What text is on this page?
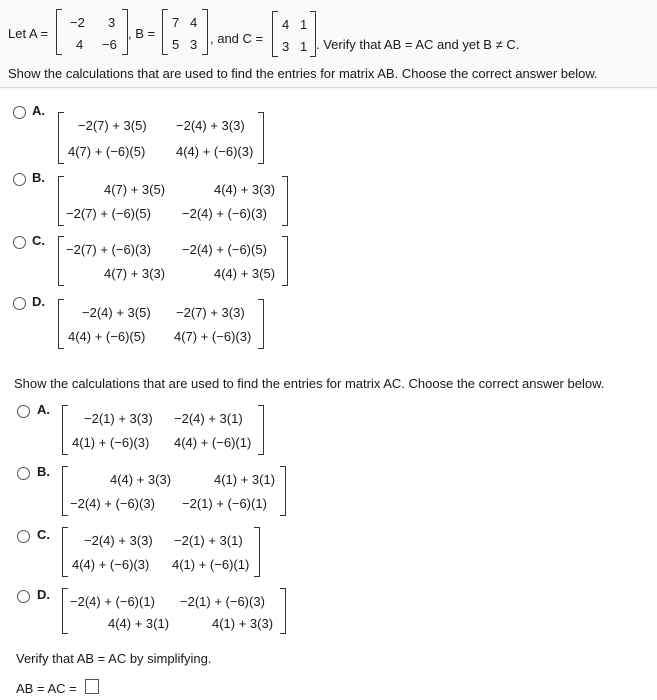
Let A =
−2 3
4 −6
, B =
7 4
5 3 , and C =
4 1
3 1 . Verify that AB = AC and yet B ≠ C.
Show the calculations that are used to find the entries for matrix AB. Choose the correct answer below.
A.
−2(7) + 3(5) −2(4) + 3(3)
4(7) + (−6)(5) 4(4) + (−6)(3)
B.
4(7) + 3(5)	4(4) + 3(3)
−2(7) + (−6)(5) −2(4) + (−6)(3)
C.
−2(7) + (−6)(3) −2(4) + (−6)(5)
4(7) + 3(3)	4(4) + 3(5)
D.
−2(4) + 3(5) −2(7) + 3(3)
4(4) + (−6)(5) 4(7) + (−6)(3)
Show the calculations that are used to find the entries for matrix AC. Choose the correct answer below.
A.
−2(1) + 3(3) −2(4) + 3(1)
4(1) + (−6)(3) 4(4) + (−6)(1)
B.
4(4) + 3(3)	4(1) + 3(1)
−2(4) + (−6)(3) −2(1) + (−6)(1)
C.	−2(4) + 3(3) −2(1) + 3(1)
4(4) + (−6)(3) 4(1) + (−6)(1)
D. −2(4) + (−6)(1) −2(1) + (−6)(3)
4(4) + 3(1)	4(1) + 3(3)
Verify that AB = AC by simplifying.
AB = AC =
